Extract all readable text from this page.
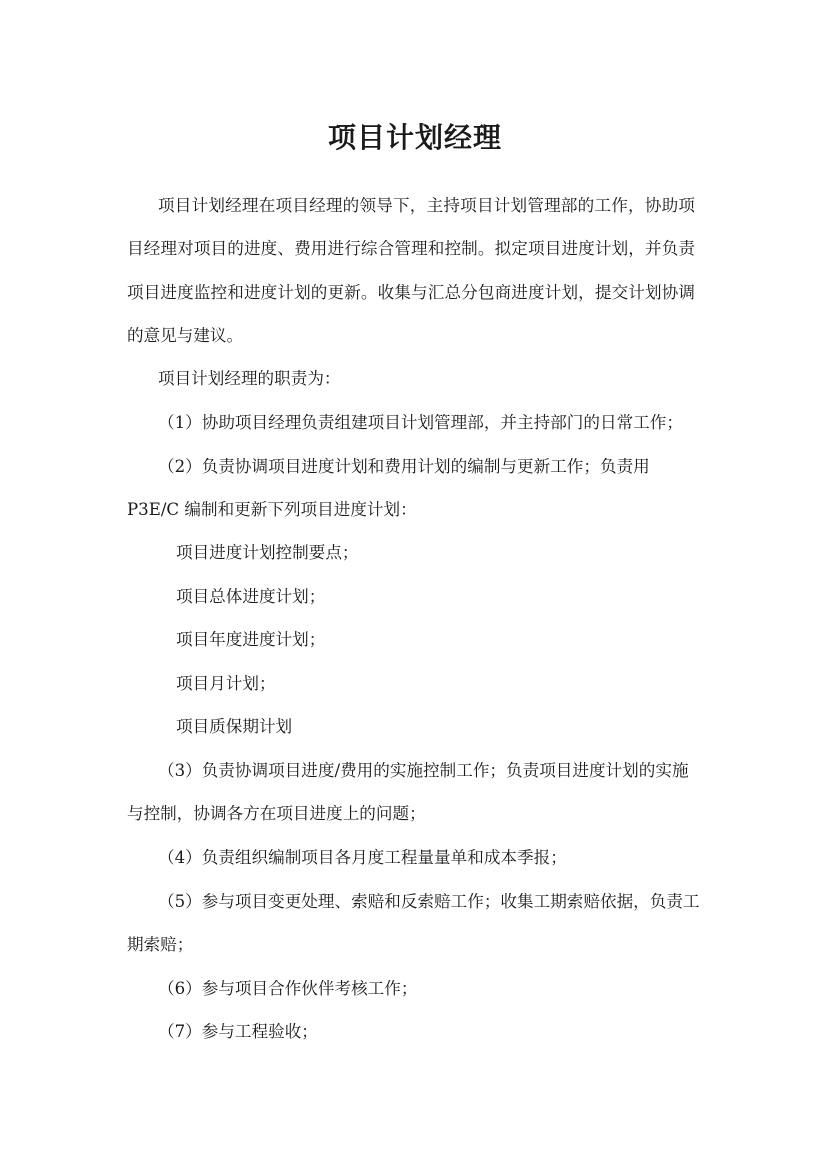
项目计划经理
项目计划经理在项目经理的领导下，主持项目计划管理部的工作，协助项
目经理对项目的进度、费用进行综合管理和控制。拟定项目进度计划，并负责
项目进度监控和进度计划的更新。收集与汇总分包商进度计划，提交计划协调
的意见与建议。
项目计划经理的职责为：
（1）协助项目经理负责组建项目计划管理部，并主持部门的日常工作；
（2）负责协调项目进度计划和费用计划的编制与更新工作；负责用
P3E/C 编制和更新下列项目进度计划：
项目进度计划控制要点；
项目总体进度计划；
项目年度进度计划；
项目月计划；
项目质保期计划
（3）负责协调项目进度/费用的实施控制工作；负责项目进度计划的实施
与控制，协调各方在项目进度上的问题；
（4）负责组织编制项目各月度工程量量单和成本季报；
（5）参与项目变更处理、索赔和反索赔工作；收集工期索赔依据，负责工
期索赔；
（6）参与项目合作伙伴考核工作；
（7）参与工程验收；
